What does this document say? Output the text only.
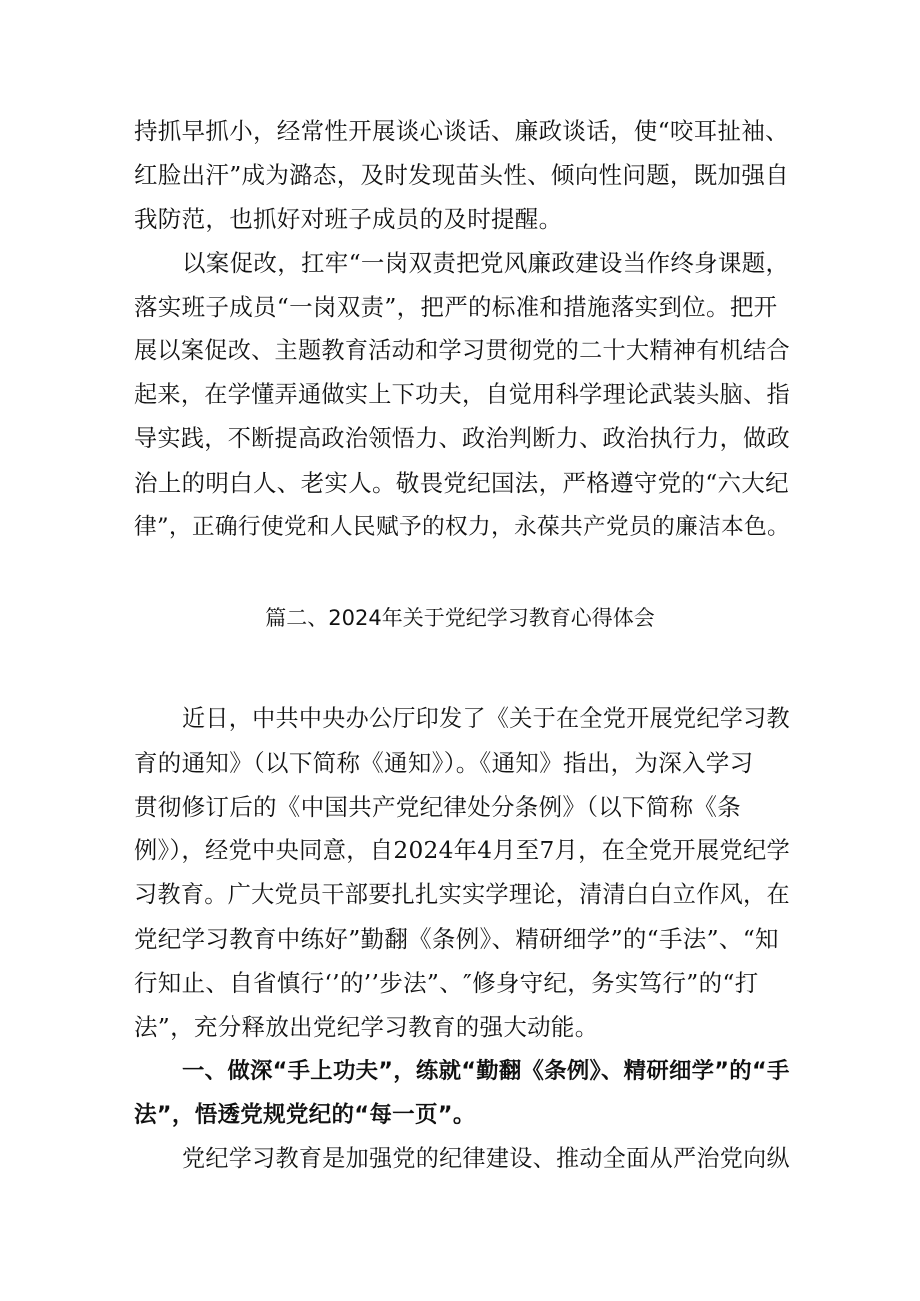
持抓早抓小，经常性开展谈心谈话、廉政谈话，使“咬耳扯袖、
红脸出汗”成为潞态，及时发现苗头性、倾向性问题，既加强自
我防范，也抓好对班子成员的及时提醒。
以案促改，扛牢“一岗双责把党风廉政建设当作终身课题，
落实班子成员“一岗双责”，把严的标准和措施落实到位。把开
展以案促改、主题教育活动和学习贯彻党的二十大精神有机结合
起来，在学懂弄通做实上下功夫，自觉用科学理论武装头脑、指
导实践，不断提高政治领悟力、政治判断力、政治执行力，做政
治上的明白人、老实人。敬畏党纪国法，严格遵守党的“六大纪
律”，正确行使党和人民赋予的权力，永葆共产党员的廉洁本色。
篇二、2024年关于党纪学习教育心得体会
近日，中共中央办公厅印发了《关于在全党开展党纪学习教
育的通知》（以下简称《通知》）。《通知》指出，为深入学习
贯彻修订后的《中国共产党纪律处分条例》（以下简称《条
例》），经党中央同意，自2024年4月至7月，在全党开展党纪学
习教育。广大党员干部要扎扎实实学理论，清清白白立作风，在
党纪学习教育中练好”勤翻《条例》、精研细学”的“手法”、“知
行知止、自省慎行‘’的’’步法”、″修身守纪，务实笃行”的“打
法”，充分释放出党纪学习教育的强大动能。
一、做深“手上功夫”，练就“勤翻《条例》、精研细学”的“手
法”，悟透党规党纪的“每一页”。
党纪学习教育是加强党的纪律建设、推动全面从严治党向纵
